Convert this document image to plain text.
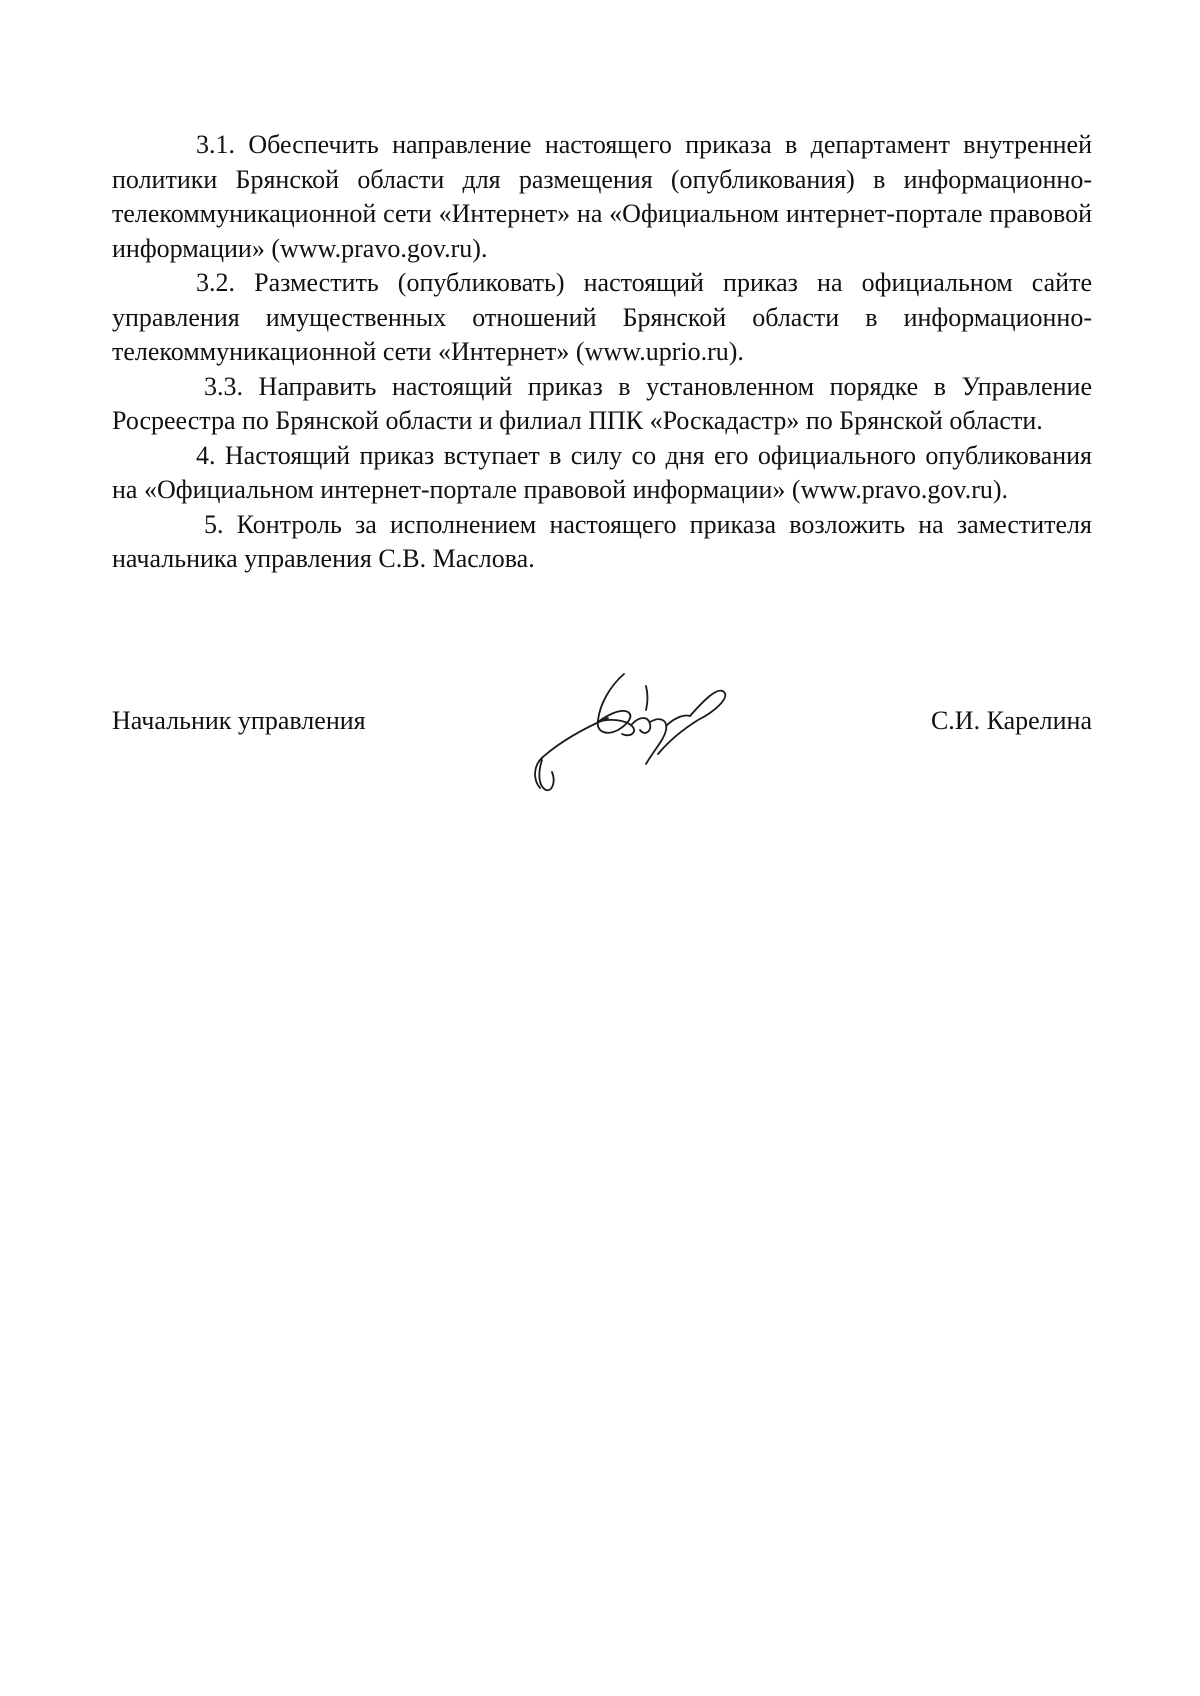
3.1. Обеспечить направление настоящего приказа в департамент внутренней политики Брянской области для размещения (опубликования) в информационно-телекоммуникационной сети «Интернет» на «Официальном интернет-портале правовой информации» (www.pravo.gov.ru).

3.2. Разместить (опубликовать) настоящий приказ на официальном сайте управления имущественных отношений Брянской области в информационно-телекоммуникационной сети «Интернет» (www.uprio.ru).

3.3. Направить настоящий приказ в установленном порядке в Управление Росреестра по Брянской области и филиал ППК «Роскадастр» по Брянской области.

4. Настоящий приказ вступает в силу со дня его официального опубликования на «Официальном интернет-портале правовой информации» (www.pravo.gov.ru).

5. Контроль за исполнением настоящего приказа возложить на заместителя начальника управления С.В. Маслова.

Начальник управления	С.И. Карелина
